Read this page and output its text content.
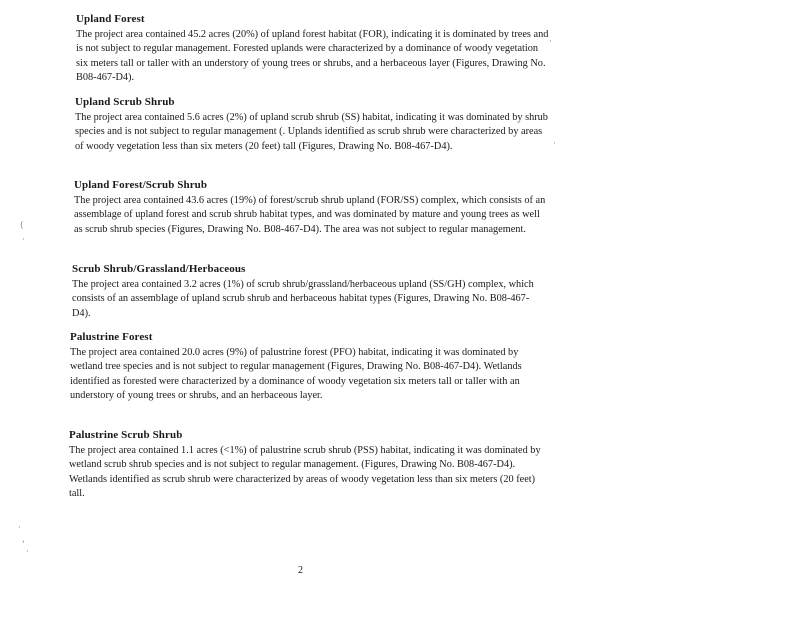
Upland Forest

The project area contained 45.2 acres (20%) of upland forest habitat (FOR), indicating it is dominated by trees and is not subject to regular management. Forested uplands were characterized by a dominance of woody vegetation six meters tall or taller with an understory of young trees or shrubs, and a herbaceous layer (Figures, Drawing No. B08-467-D4).

Upland Scrub Shrub

The project area contained 5.6 acres (2%) of upland scrub shrub (SS) habitat, indicating it was dominated by shrub species and is not subject to regular management (. Uplands identified as scrub shrub were characterized by areas of woody vegetation less than six meters (20 feet) tall (Figures, Drawing No. B08-467-D4).

Upland Forest/Scrub Shrub

The project area contained 43.6 acres (19%) of forest/scrub shrub upland (FOR/SS) complex, which consists of an assemblage of upland forest and scrub shrub habitat types, and was dominated by mature and young trees as well as scrub shrub species (Figures, Drawing No. B08-467-D4). The area was not subject to regular management.

Scrub Shrub/Grassland/Herbaceous

The project area contained 3.2 acres (1%) of scrub shrub/grassland/herbaceous upland (SS/GH) complex, which consists of an assemblage of upland scrub shrub and herbaceous habitat types (Figures, Drawing No. B08-467-D4).

Palustrine Forest

The project area contained 20.0 acres (9%) of palustrine forest (PFO) habitat, indicating it was dominated by wetland tree species and is not subject to regular management (Figures, Drawing No. B08-467-D4). Wetlands identified as forested were characterized by a dominance of woody vegetation six meters tall or taller with an understory of young trees or shrubs, and an herbaceous layer.

Palustrine Scrub Shrub

The project area contained 1.1 acres (<1%) of palustrine scrub shrub (PSS) habitat, indicating it was dominated by wetland scrub shrub species and is not subject to regular management. (Figures, Drawing No. B08-467-D4). Wetlands identified as scrub shrub were characterized by areas of woody vegetation less than six meters (20 feet) tall.

2
(
·
·
‘
·
·
·
